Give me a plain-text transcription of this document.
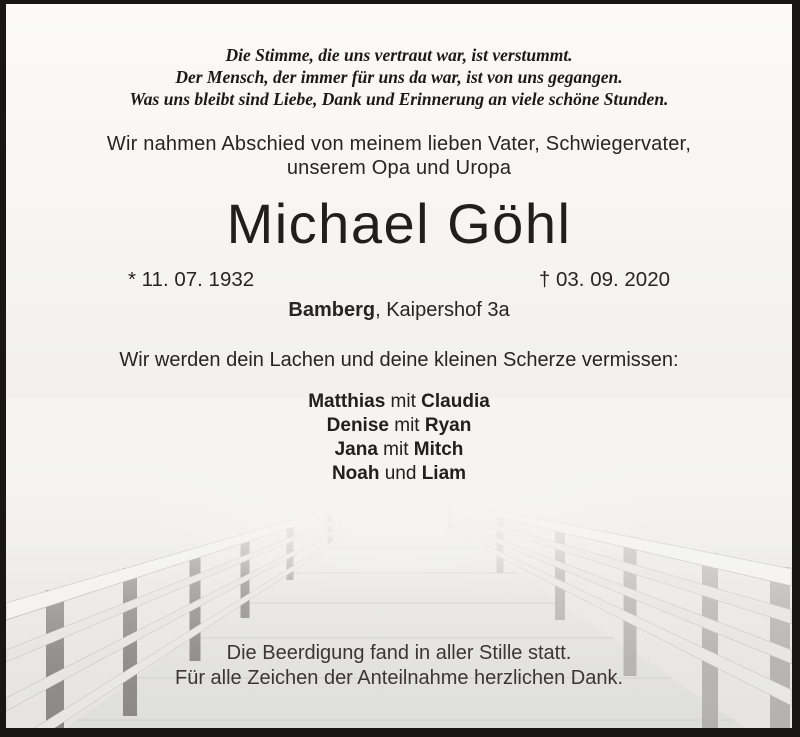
Die Stimme, die uns vertraut war, ist verstummt.
Der Mensch, der immer für uns da war, ist von uns gegangen.
Was uns bleibt sind Liebe, Dank und Erinnerung an viele schöne Stunden.
Wir nahmen Abschied von meinem lieben Vater, Schwiegervater,
unserem Opa und Uropa
Michael Göhl
* 11. 07. 1932	† 03. 09. 2020
Bamberg, Kaipershof 3a
Wir werden dein Lachen und deine kleinen Scherze vermissen:
Matthias mit Claudia
Denise mit Ryan
Jana mit Mitch
Noah und Liam
Die Beerdigung fand in aller Stille statt.
Für alle Zeichen der Anteilnahme herzlichen Dank.
